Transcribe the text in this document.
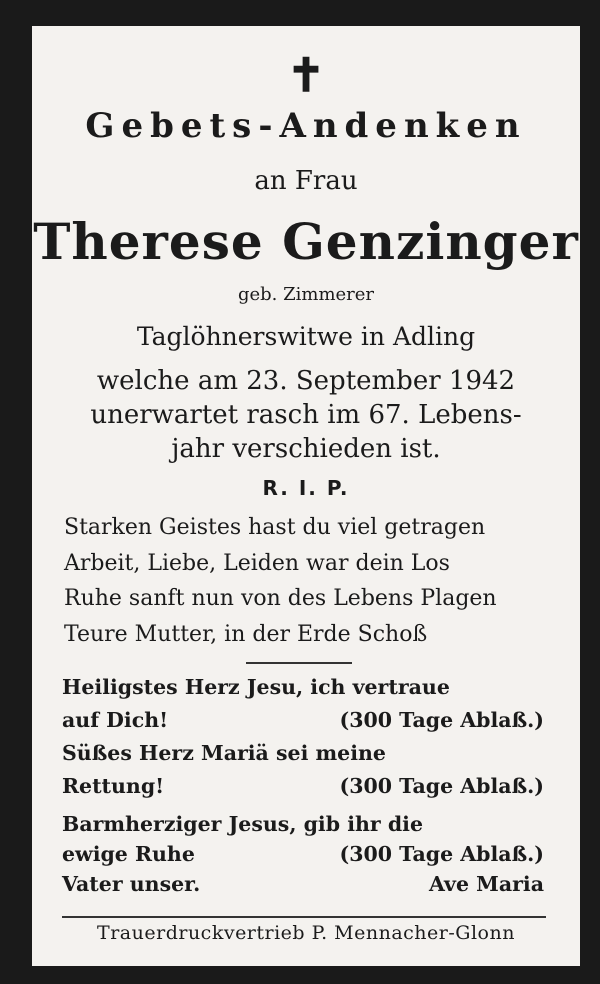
✝
Gebets-Andenken
an Frau
Therese Genzinger
geb. Zimmerer
Taglöhnerswitwe in Adling
welche am 23. September 1942
unerwartet rasch im 67. Lebens-
jahr verschieden ist.
R. I. P.
Starken Geistes hast du viel getragen
Arbeit, Liebe, Leiden war dein Los
Ruhe sanft nun von des Lebens Plagen
Teure Mutter, in der Erde Schoß
Heiligstes Herz Jesu, ich vertraue
auf Dich!	(300 Tage Ablaß.)
Süßes Herz Mariä sei meine
Rettung!	(300 Tage Ablaß.)
Barmherziger Jesus, gib ihr die
ewige Ruhe	(300 Tage Ablaß.)
Vater unser.	Ave Maria
Trauerdruckvertrieb P. Mennacher-Glonn
